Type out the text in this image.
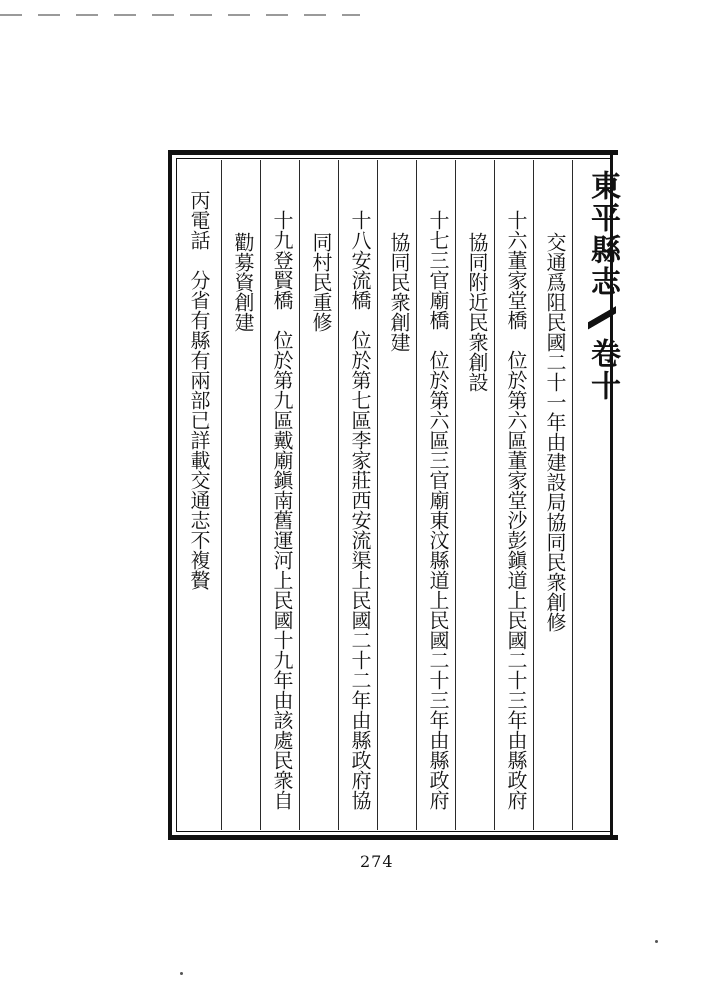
東平縣志卷十
交通爲阻民國二十一年由建設局協同民衆創修
十六董家堂橋　位於第六區董家堂沙彭鎭道上民國二十三年由縣政府
協同附近民衆創設
十七三官廟橋　位於第六區三官廟東汶縣道上民國二十三年由縣政府
協同民衆創建
十八安流橋　位於第七區李家莊西安流渠上民國二十二年由縣政府協
同村民重修
十九登賢橋　位於第九區戴廟鎭南舊運河上民國十九年由該處民衆自
勸募資創建
丙電話　分省有縣有兩部已詳載交通志不複贅
274
